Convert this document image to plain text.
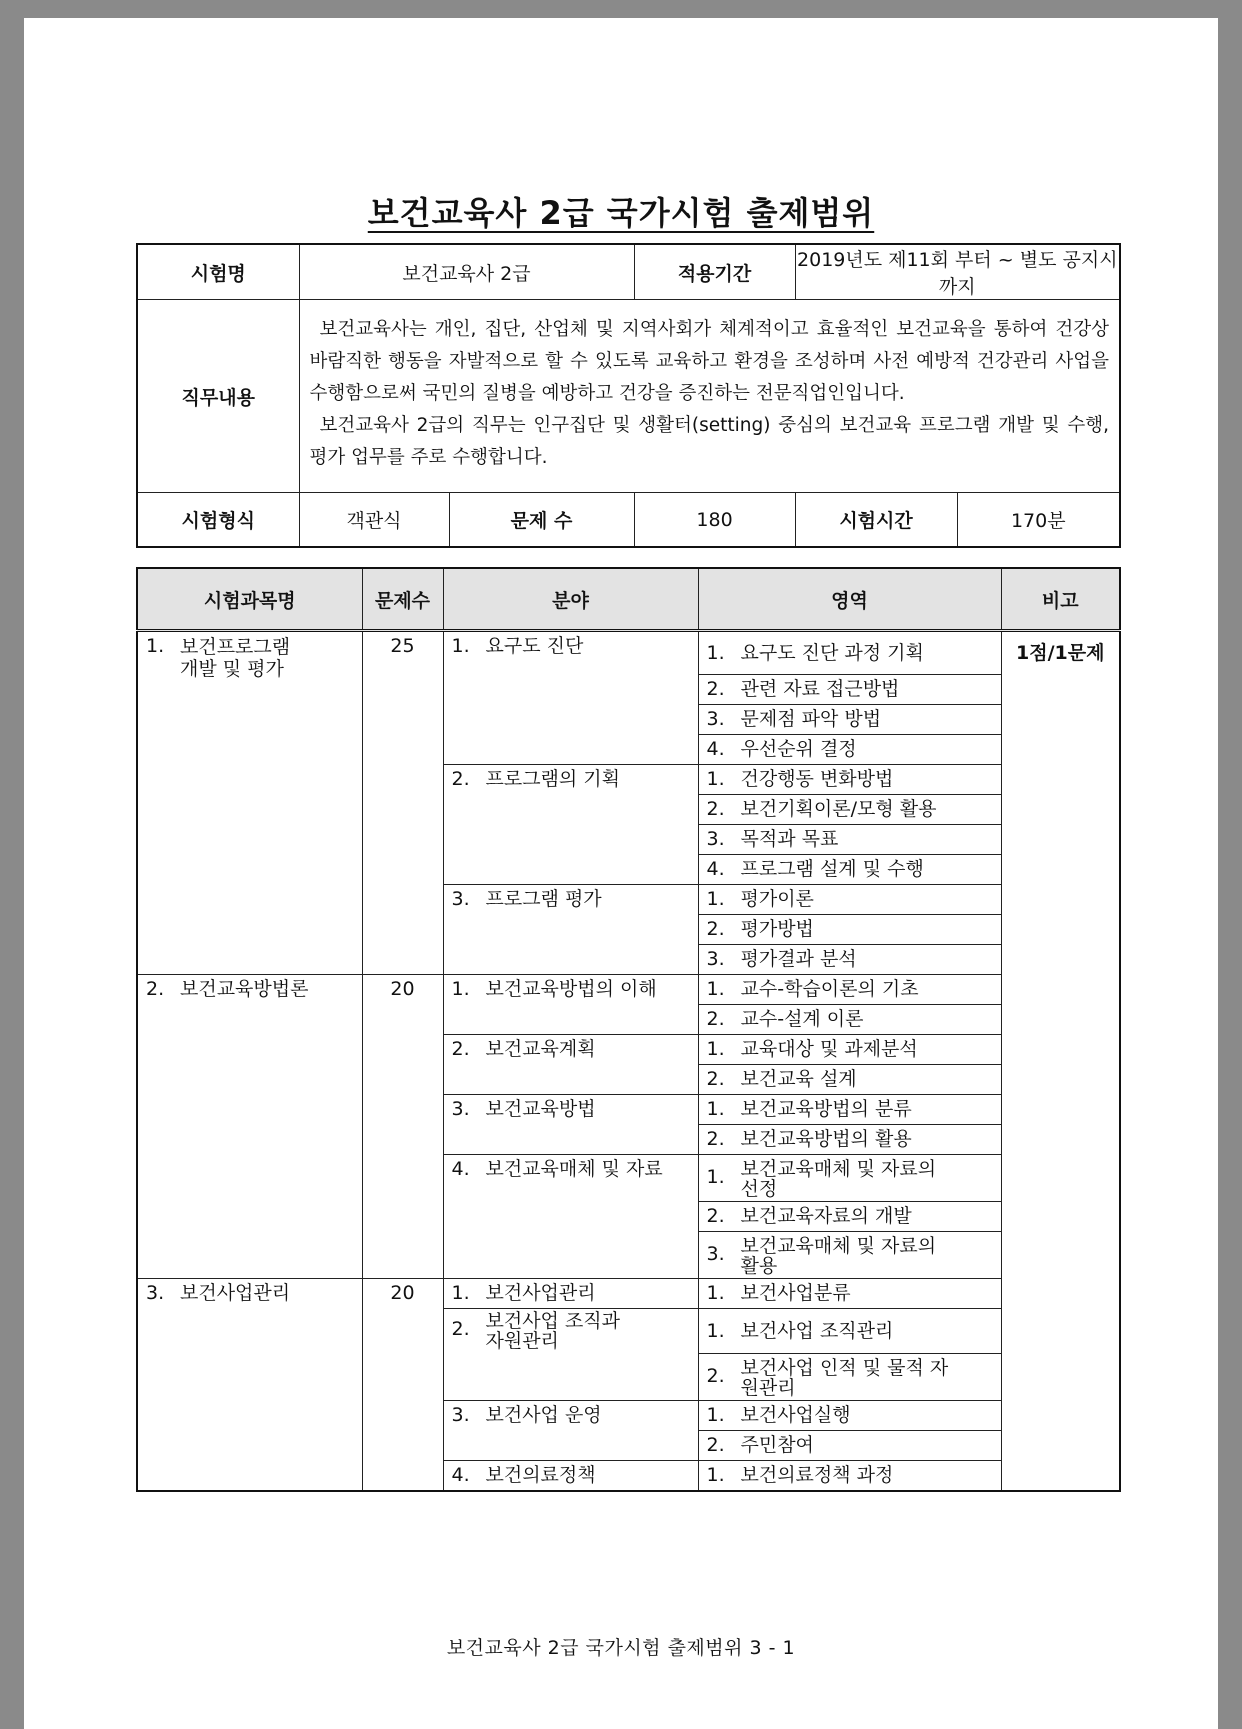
보건교육사 2급 국가시험 출제범위
시험명	보건교육사 2급		적용기간	2019년도 제11회 부터 ~ 별도 공지시 까지	
직무내용	보건교육사는 개인, 집단, 산업체 및 지역사회가 체계적이고 효율적인 보건교육을 통하여 건강상 바람직한 행동을 자발적으로 할 수 있도록 교육하고 환경을 조성하며 사전 예방적 건강관리 사업을 수행함으로써 국민의 질병을 예방하고 건강을 증진하는 전문직업인입니다.

보건교육사 2급의 직무는 인구집단 및 생활터(setting) 중심의 보건교육 프로그램 개발 및 수행, 평가 업무를 주로 수행합니다.				

시험형식	객관식	문제 수	180	시험시간	170분
시험과목명	문제수	분야	영역	비고
1. 보건프로그램 개발 및 평가	25	1. 요구도 진단	1. 요구도 진단 과정 기획	1점/1문제
			2. 관련 자료 접근방법	
			3. 문제점 파악 방법	
			4. 우선순위 결정	
		2. 프로그램의 기획	1. 건강행동 변화방법	
			2. 보건기획이론/모형 활용	
			3. 목적과 목표	
			4. 프로그램 설계 및 수행	
		3. 프로그램 평가	1. 평가이론	
			2. 평가방법	
			3. 평가결과 분석	
2. 보건교육방법론	20	1. 보건교육방법의 이해	1. 교수-학습이론의 기초	
			2. 교수-설계 이론	
		2. 보건교육계획	1. 교육대상 및 과제분석	
			2. 보건교육 설계	
		3. 보건교육방법	1. 보건교육방법의 분류	
			2. 보건교육방법의 활용	
		4. 보건교육매체 및 자료	1. 보건교육매체 및 자료의 선정	
			2. 보건교육자료의 개발	
			3. 보건교육매체 및 자료의 활용	
3. 보건사업관리	20	1. 보건사업관리	1. 보건사업분류	
		2. 보건사업 조직과 자원관리	1. 보건사업 조직관리	
			2. 보건사업 인적 및 물적 자원관리	
		3. 보건사업 운영	1. 보건사업실행	
			2. 주민참여	
		4. 보건의료정책	1. 보건의료정책 과정	
보건교육사 2급 국가시험 출제범위 3 - 1
